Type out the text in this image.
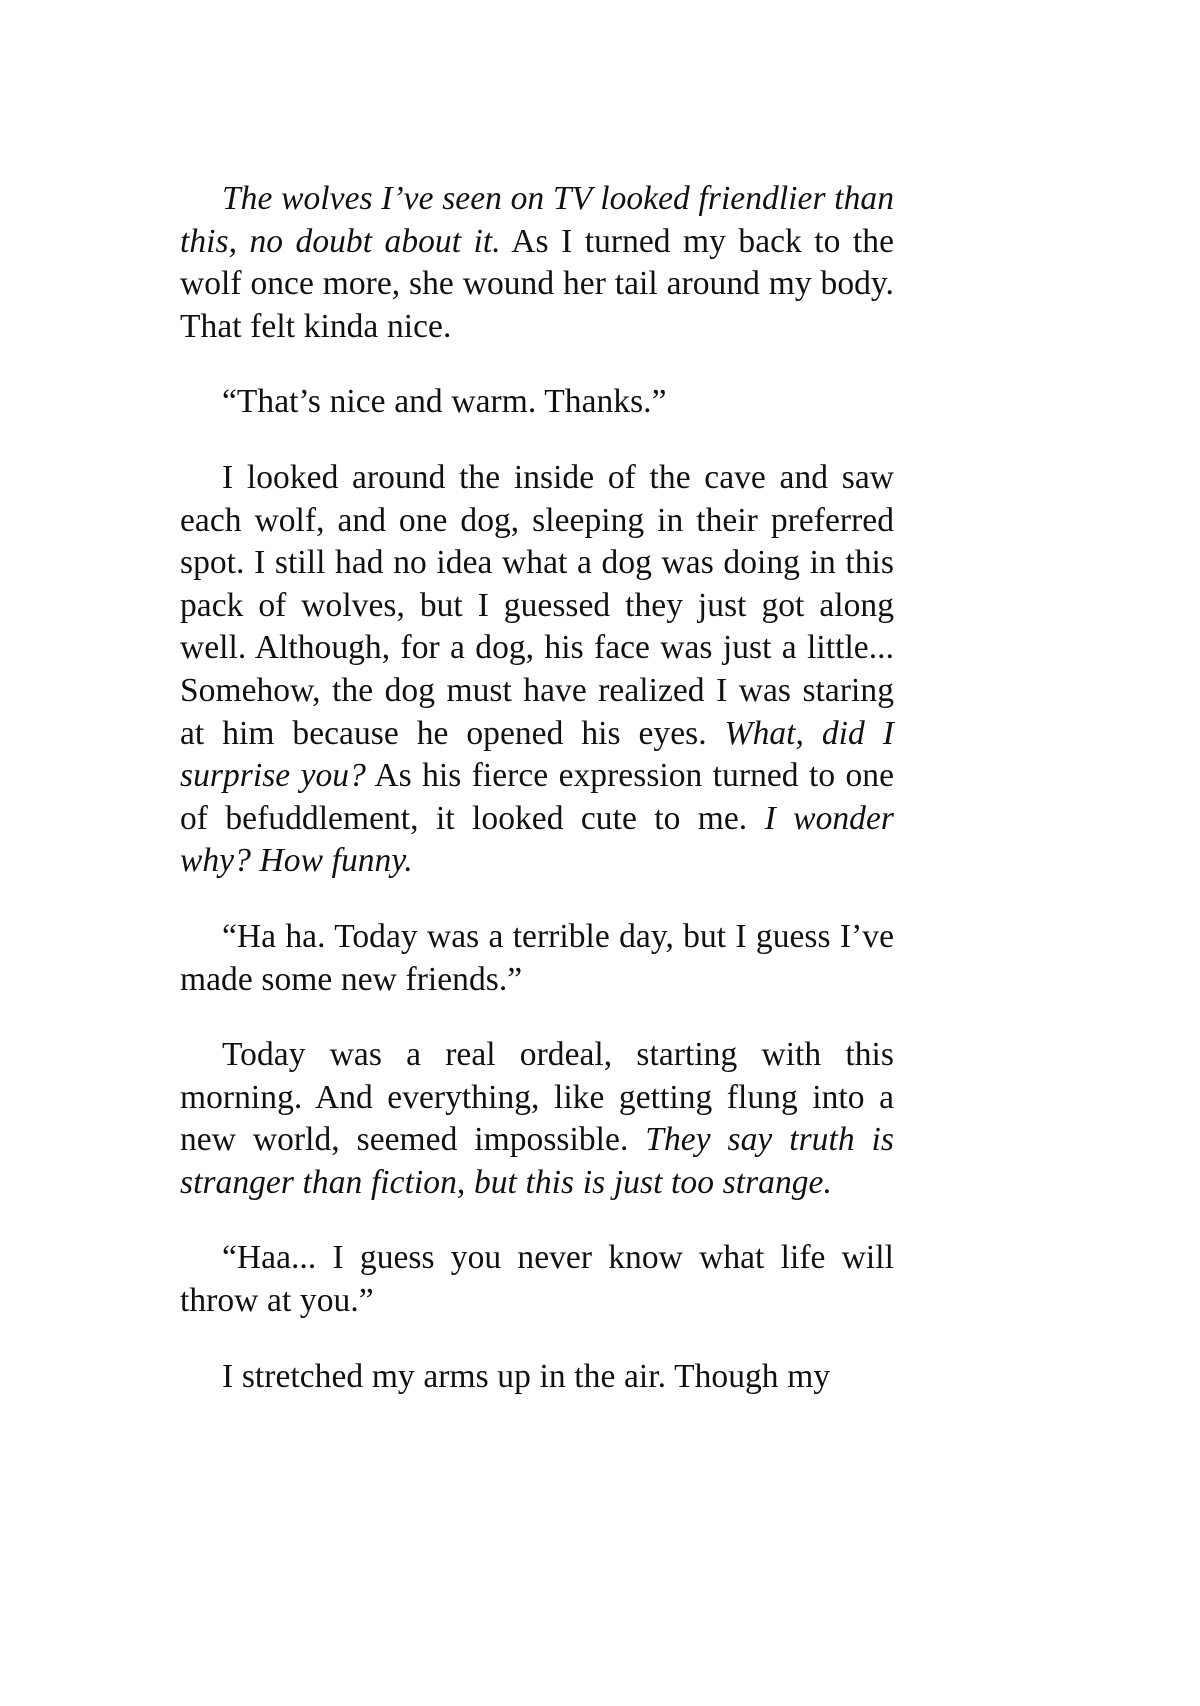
The wolves I’ve seen on TV looked friendlier than this, no doubt about it. As I turned my back to the wolf once more, she wound her tail around my body. That felt kinda nice.

“That’s nice and warm. Thanks.”

I looked around the inside of the cave and saw each wolf, and one dog, sleeping in their preferred spot. I still had no idea what a dog was doing in this pack of wolves, but I guessed they just got along well. Although, for a dog, his face was just a little... Somehow, the dog must have realized I was staring at him because he opened his eyes. What, did I surprise you? As his fierce expression turned to one of befuddlement, it looked cute to me. I wonder why? How funny.

“Ha ha. Today was a terrible day, but I guess I’ve made some new friends.”

Today was a real ordeal, starting with this morning. And everything, like getting flung into a new world, seemed impossible. They say truth is stranger than fiction, but this is just too strange.

“Haa... I guess you never know what life will throw at you.”

I stretched my arms up in the air. Though my
